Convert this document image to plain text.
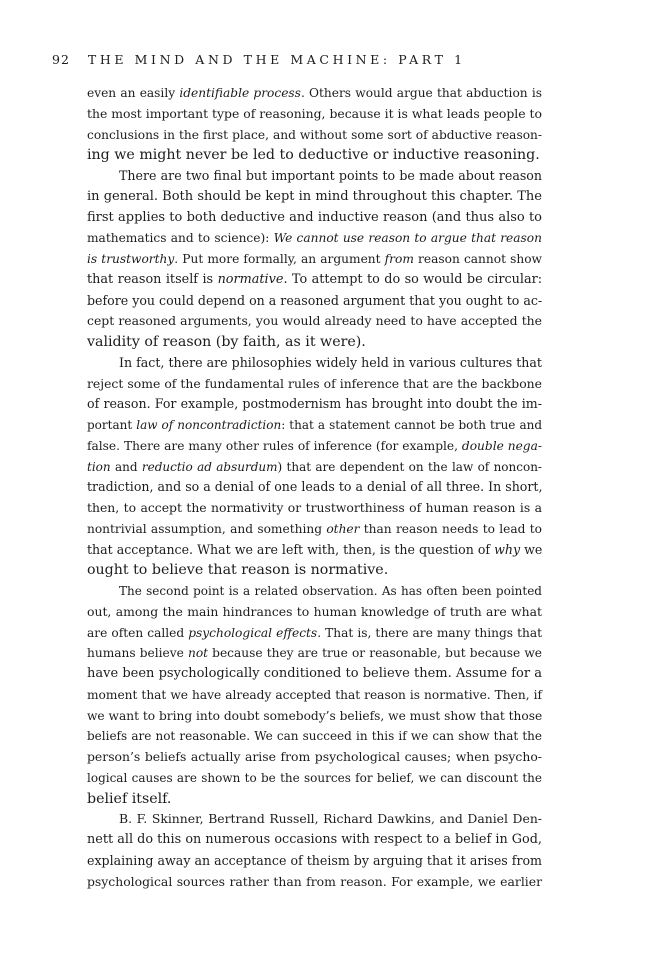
92 THE MIND AND THE MACHINE: PART 1
even an easily identifiable process. Others would argue that abduction is
the most important type of reasoning, because it is what leads people to
conclusions in the first place, and without some sort of abductive reason-
ing we might never be led to deductive or inductive reasoning.
There are two final but important points to be made about reason
in general. Both should be kept in mind throughout this chapter. The
first applies to both deductive and inductive reason (and thus also to
mathematics and to science): We cannot use reason to argue that reason
is trustworthy. Put more formally, an argument from reason cannot show
that reason itself is normative. To attempt to do so would be circular:
before you could depend on a reasoned argument that you ought to ac-
cept reasoned arguments, you would already need to have accepted the
validity of reason (by faith, as it were).
In fact, there are philosophies widely held in various cultures that
reject some of the fundamental rules of inference that are the backbone
of reason. For example, postmodernism has brought into doubt the im-
portant law of noncontradiction: that a statement cannot be both true and
false. There are many other rules of inference (for example, double nega-
tion and reductio ad absurdum) that are dependent on the law of noncon-
tradiction, and so a denial of one leads to a denial of all three. In short,
then, to accept the normativity or trustworthiness of human reason is a
nontrivial assumption, and something other than reason needs to lead to
that acceptance. What we are left with, then, is the question of why we
ought to believe that reason is normative.
The second point is a related observation. As has often been pointed
out, among the main hindrances to human knowledge of truth are what
are often called psychological effects. That is, there are many things that
humans believe not because they are true or reasonable, but because we
have been psychologically conditioned to believe them. Assume for a
moment that we have already accepted that reason is normative. Then, if
we want to bring into doubt somebody’s beliefs, we must show that those
beliefs are not reasonable. We can succeed in this if we can show that the
person’s beliefs actually arise from psychological causes; when psycho-
logical causes are shown to be the sources for belief, we can discount the
belief itself.
B. F. Skinner, Bertrand Russell, Richard Dawkins, and Daniel Den-
nett all do this on numerous occasions with respect to a belief in God,
explaining away an acceptance of theism by arguing that it arises from
psychological sources rather than from reason. For example, we earlier
